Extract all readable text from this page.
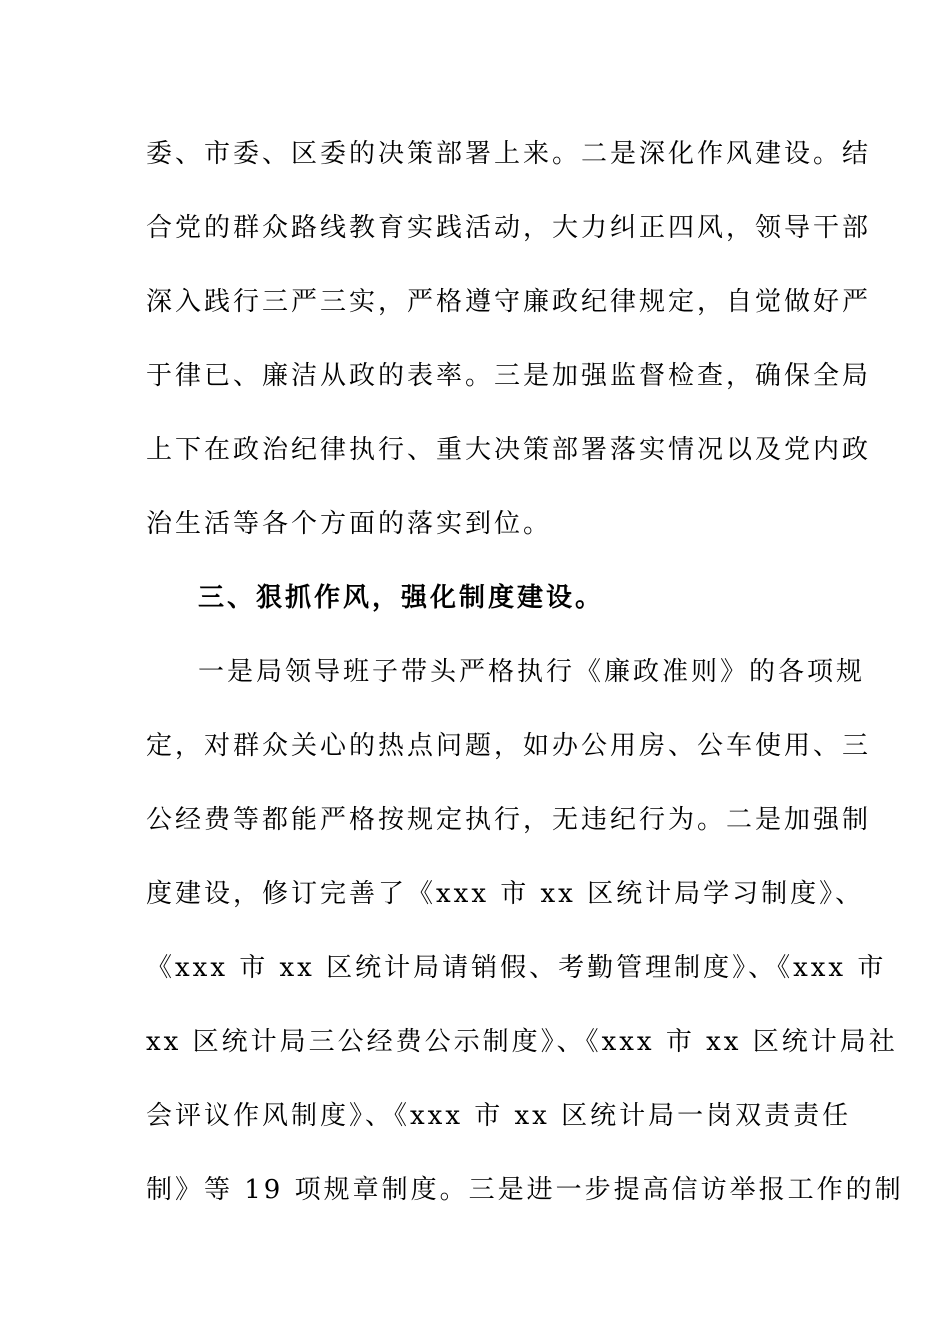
委、市委、区委的决策部署上来。二是深化作风建设。结
合党的群众路线教育实践活动，大力纠正四风，领导干部
深入践行三严三实，严格遵守廉政纪律规定，自觉做好严
于律已、廉洁从政的表率。三是加强监督检查，确保全局
上下在政治纪律执行、重大决策部署落实情况以及党内政
治生活等各个方面的落实到位。
三、狠抓作风，强化制度建设。
一是局领导班子带头严格执行《廉政准则》的各项规
定，对群众关心的热点问题，如办公用房、公车使用、三
公经费等都能严格按规定执行，无违纪行为。二是加强制
度建设，修订完善了《xxx 市 xx 区统计局学习制度》、
《xxx 市 xx 区统计局请销假、考勤管理制度》、《xxx 市
xx 区统计局三公经费公示制度》、《xxx 市 xx 区统计局社
会评议作风制度》、《xxx 市 xx 区统计局一岗双责责任
制》等 19 项规章制度。三是进一步提高信访举报工作的制
